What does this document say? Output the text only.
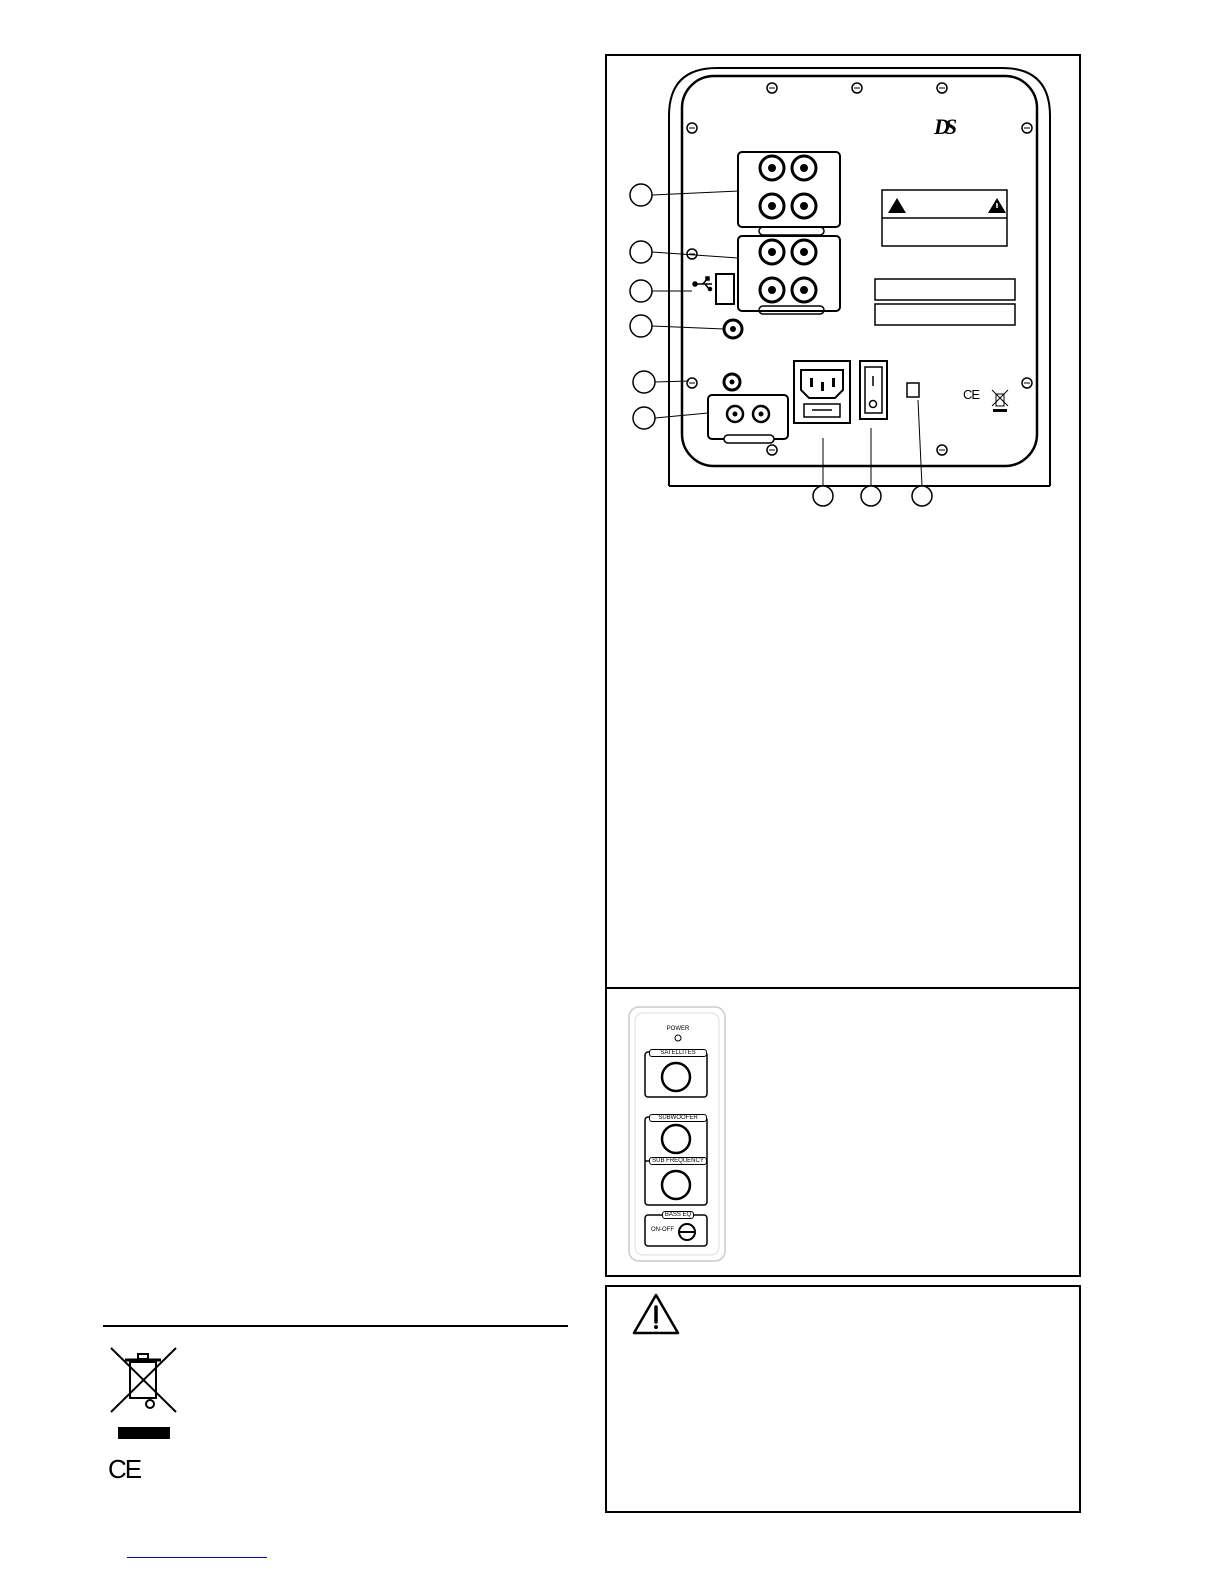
CE
DS
CE
POWER
SATELLITES
SUBWOOFER
SUB FREQUENCY
BASS EQ
ON-OFF
